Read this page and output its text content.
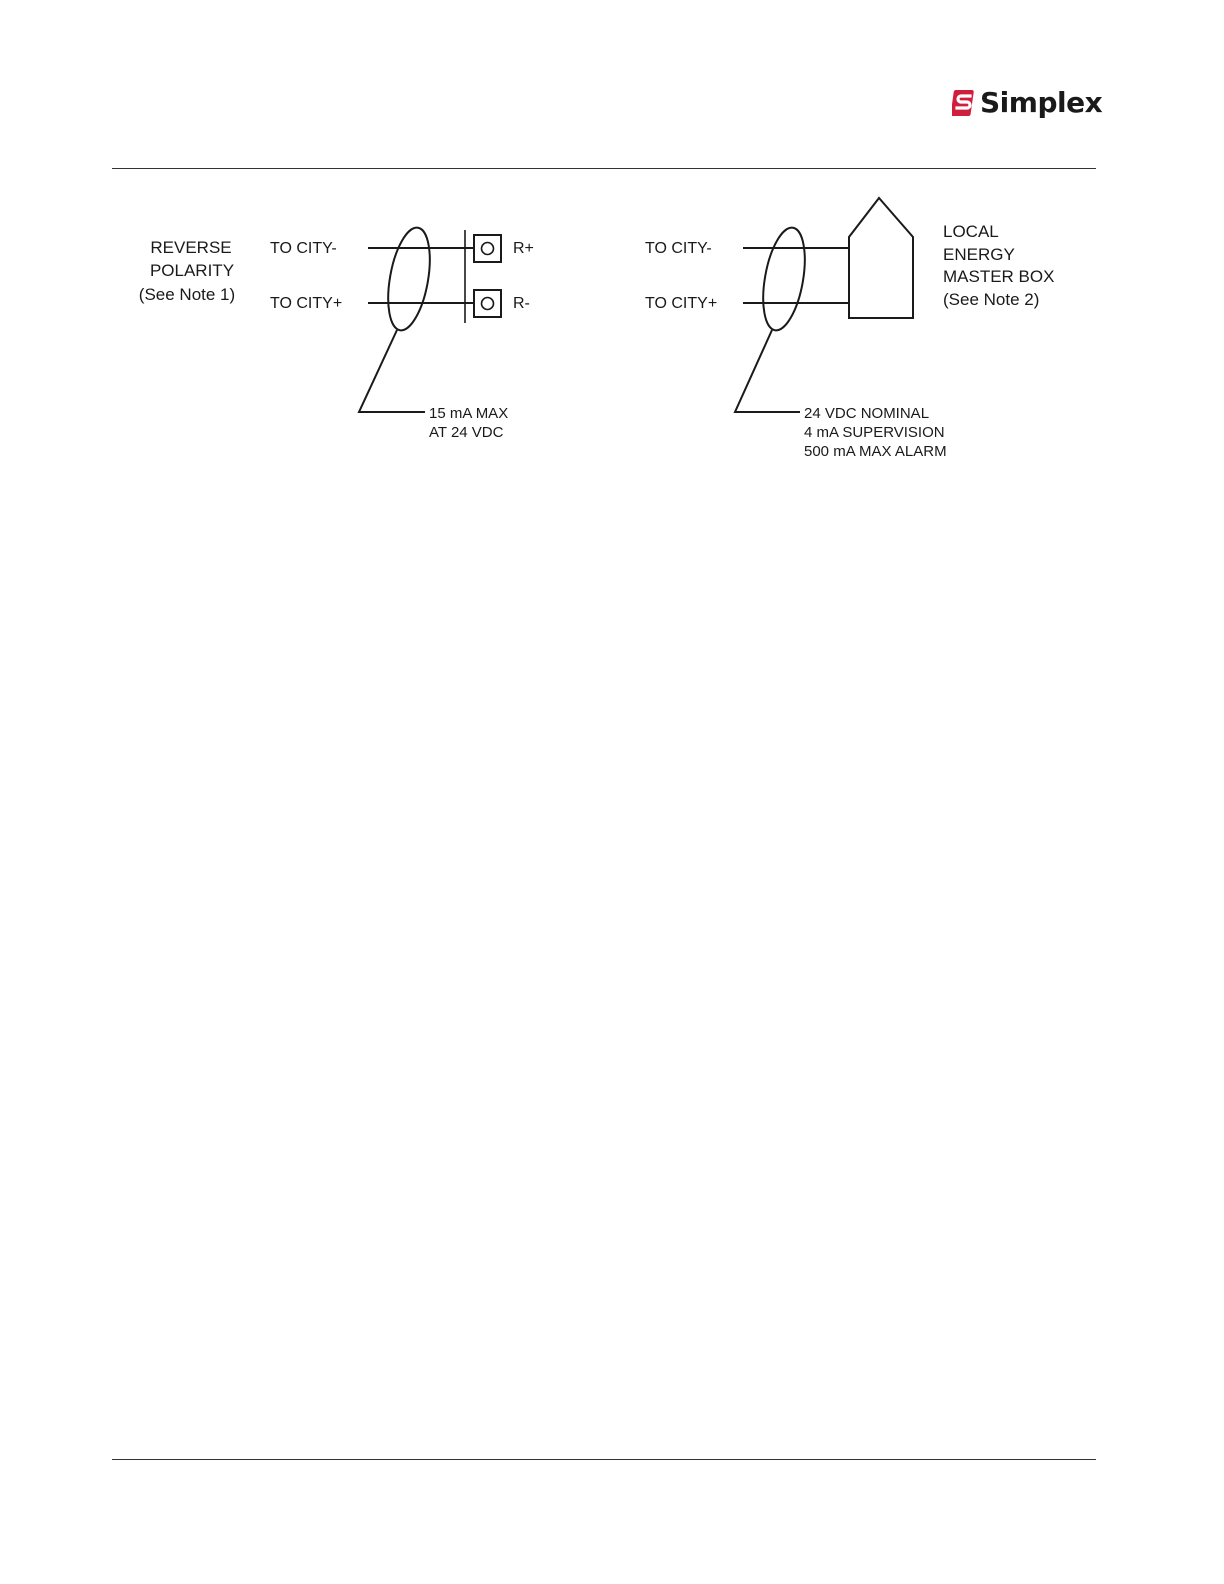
Simplex
REVERSE
POLARITY
(See Note 1)
TO CITY-
TO CITY+
R+
R-
15 mA MAX
AT 24 VDC
TO CITY-
TO CITY+
LOCAL
ENERGY
MASTER BOX
(See Note 2)
24 VDC NOMINAL
4 mA SUPERVISION
500 mA MAX ALARM
